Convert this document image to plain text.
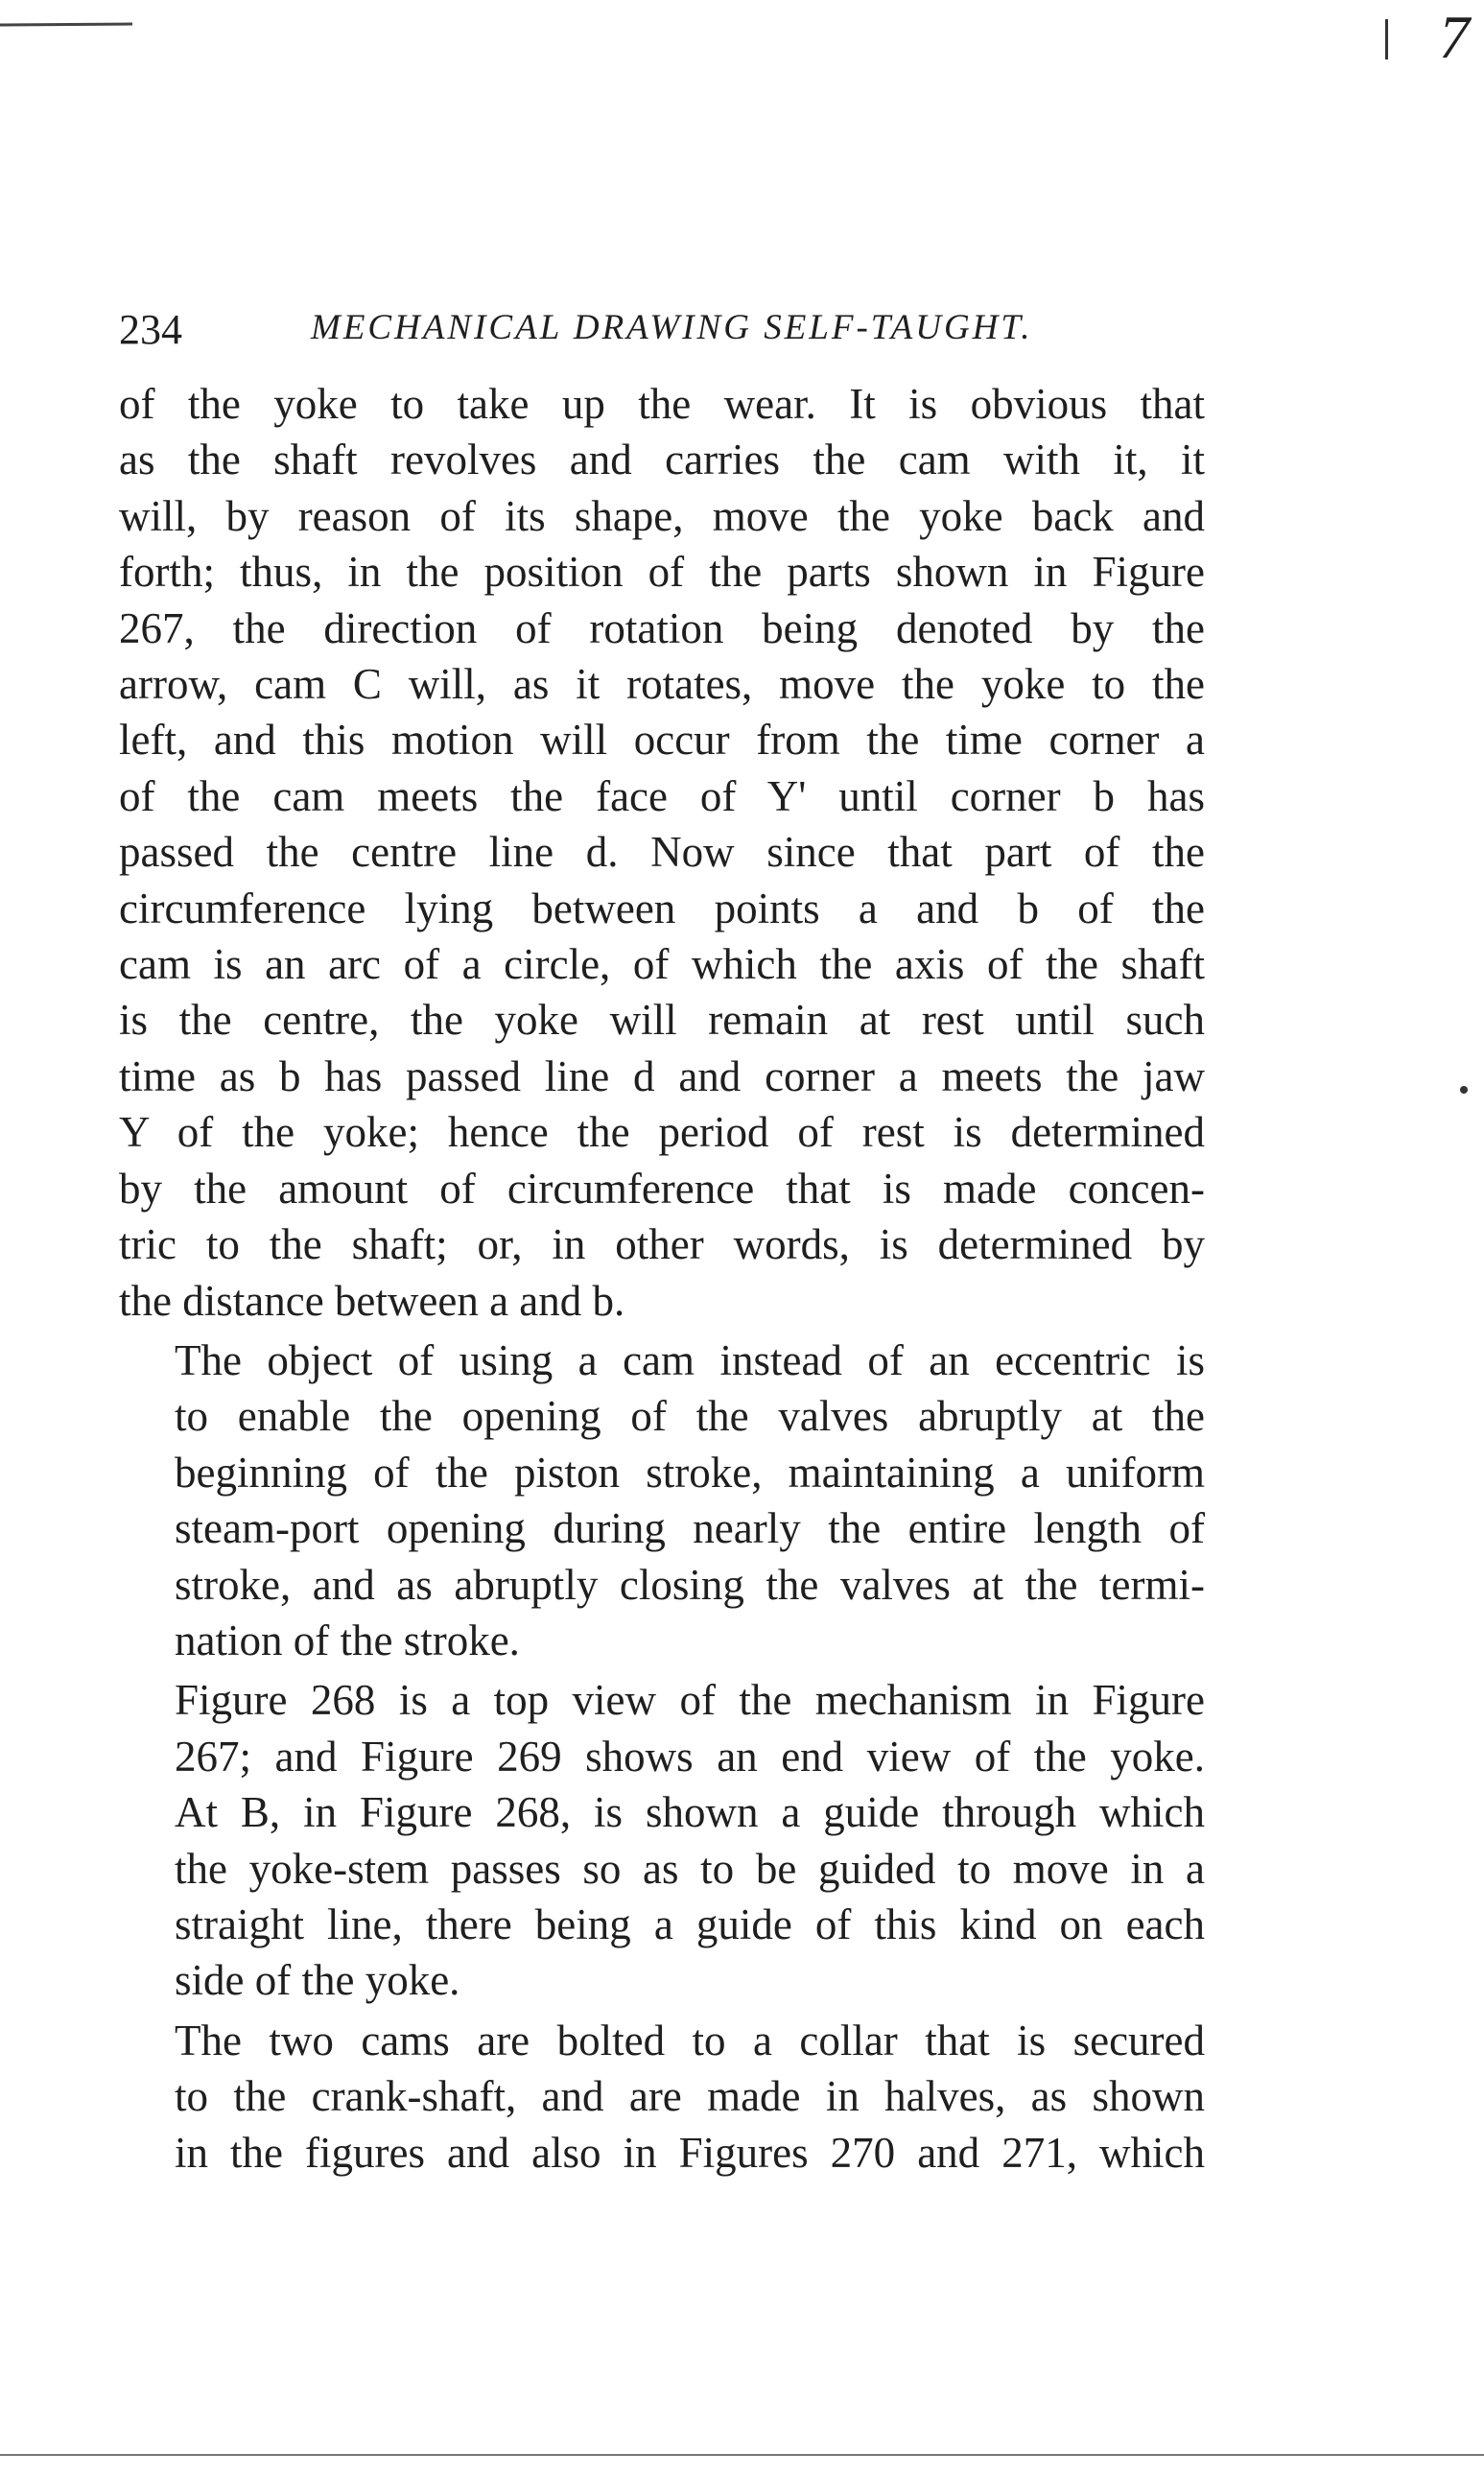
7
234	MECHANICAL DRAWING SELF-TAUGHT.

of the yoke to take up the wear. It is obvious that
as the shaft revolves and carries the cam with it, it
will, by reason of its shape, move the yoke back and
forth; thus, in the position of the parts shown in Figure
267, the direction of rotation being denoted by the
arrow, cam C will, as it rotates, move the yoke to the
left, and this motion will occur from the time corner a
of the cam meets the face of Y' until corner b has
passed the centre line d. Now since that part of the
circumference lying between points a and b of the
cam is an arc of a circle, of which the axis of the shaft
is the centre, the yoke will remain at rest until such
time as b has passed line d and corner a meets the jaw
Y of the yoke; hence the period of rest is determined
by the amount of circumference that is made concen-
tric to the shaft; or, in other words, is determined by
the distance between a and b.

The object of using a cam instead of an eccentric is
to enable the opening of the valves abruptly at the
beginning of the piston stroke, maintaining a uniform
steam-port opening during nearly the entire length of
stroke, and as abruptly closing the valves at the termi-
nation of the stroke.

Figure 268 is a top view of the mechanism in Figure
267; and Figure 269 shows an end view of the yoke.
At B, in Figure 268, is shown a guide through which
the yoke-stem passes so as to be guided to move in a
straight line, there being a guide of this kind on each
side of the yoke.

The two cams are bolted to a collar that is secured
to the crank-shaft, and are made in halves, as shown
in the figures and also in Figures 270 and 271, which
